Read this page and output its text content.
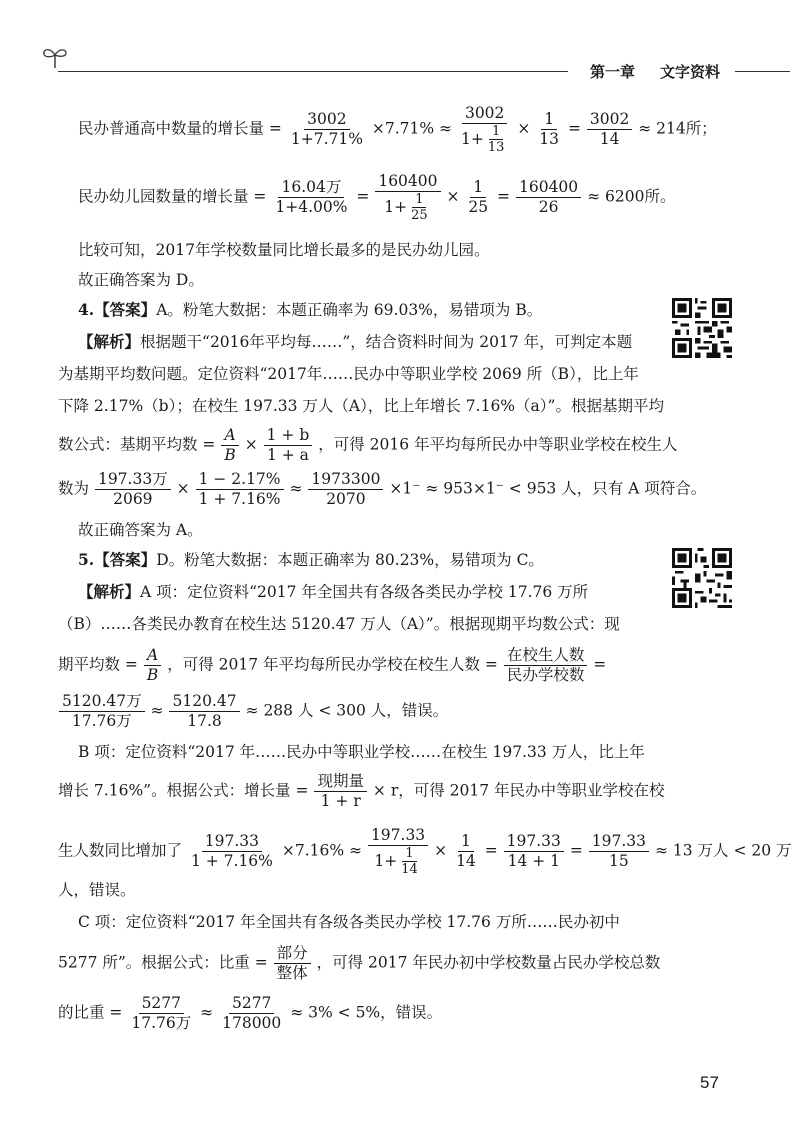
第一章 文字资料
民办普通高中数量的增长量 = $\frac{3002}{1+7.71\%} \times 7.71\% \approx \frac{3002}{1+ \frac{1}{13}} \times \frac{1}{13} = \frac{3002}{14} \approx 214$所；
民办幼儿园数量的增长量 = $\frac{\text{16.04万}}{1+4.00\%} = \frac{160400}{1+ \frac{1}{25}} \times \frac{1}{25} = \frac{160400}{26} \approx 6200$所。
比较可知，2017年学校数量同比增长最多的是民办幼儿园。
故正确答案为 D。
4.【答案】A。粉笔大数据：本题正确率为 69.03%，易错项为 B。
【解析】根据题干“2016年平均每……”，结合资料时间为 2017 年，可判定本题
为基期平均数问题。定位资料“2017年……民办中等职业学校 2069 所（B），比上年
下降 2.17%（b）；在校生 197.33 万人（A），比上年增长 7.16%（a）”。根据基期平均
数公式：基期平均数 = $\frac{A}{B} \times \frac{1 + b}{1 + a}$ ，可得 2016 年平均每所民办中等职业学校在校生人
数为 $\frac{\text{197.33万}}{2069} \times \frac{1 - 2.17\%}{1 + 7.16\%} \approx \frac{1973300}{2070} \times 1^- \approx 953\times 1^- < 953$ 人，只有 A 项符合。
故正确答案为 A。
5.【答案】D。粉笔大数据：本题正确率为 80.23%，易错项为 C。
【解析】A 项：定位资料“2017 年全国共有各级各类民办学校 17.76 万所
（B）……各类民办教育在校生达 5120.47 万人（A）”。根据现期平均数公式：现
期平均数 = $\frac{A}{B}$ ，可得 2017 年平均每所民办学校在校生人数 = $\frac{\text{在校生人数}}{\text{民办学校数}}$ =
$\frac{\text{5120.47万}}{\text{17.76万}} \approx \frac{5120.47}{17.8} \approx 288$ 人 < 300 人，错误。
B 项：定位资料“2017 年……民办中等职业学校……在校生 197.33 万人，比上年
增长 7.16%”。根据公式：增长量 = $\frac{\text{现期量}}{1 + r} \times r$，可得 2017 年民办中等职业学校在校
生人数同比增加了 $\frac{197.33}{1 + 7.16\%} \times 7.16\% \approx \frac{197.33}{1+ \frac{1}{14}} \times \frac{1}{14} = \frac{197.33}{14 + 1} = \frac{197.33}{15} \approx 13$ 万人 < 20 万
人，错误。
C 项：定位资料“2017 年全国共有各级各类民办学校 17.76 万所……民办初中
5277 所”。根据公式：比重 = $\frac{\text{部分}}{\text{整体}}$ ，可得 2017 年民办初中学校数量占民办学校总数
的比重 = $\frac{5277}{\text{17.76万}} \approx \frac{5277}{178000} \approx 3\% < 5\%$，错误。
57
